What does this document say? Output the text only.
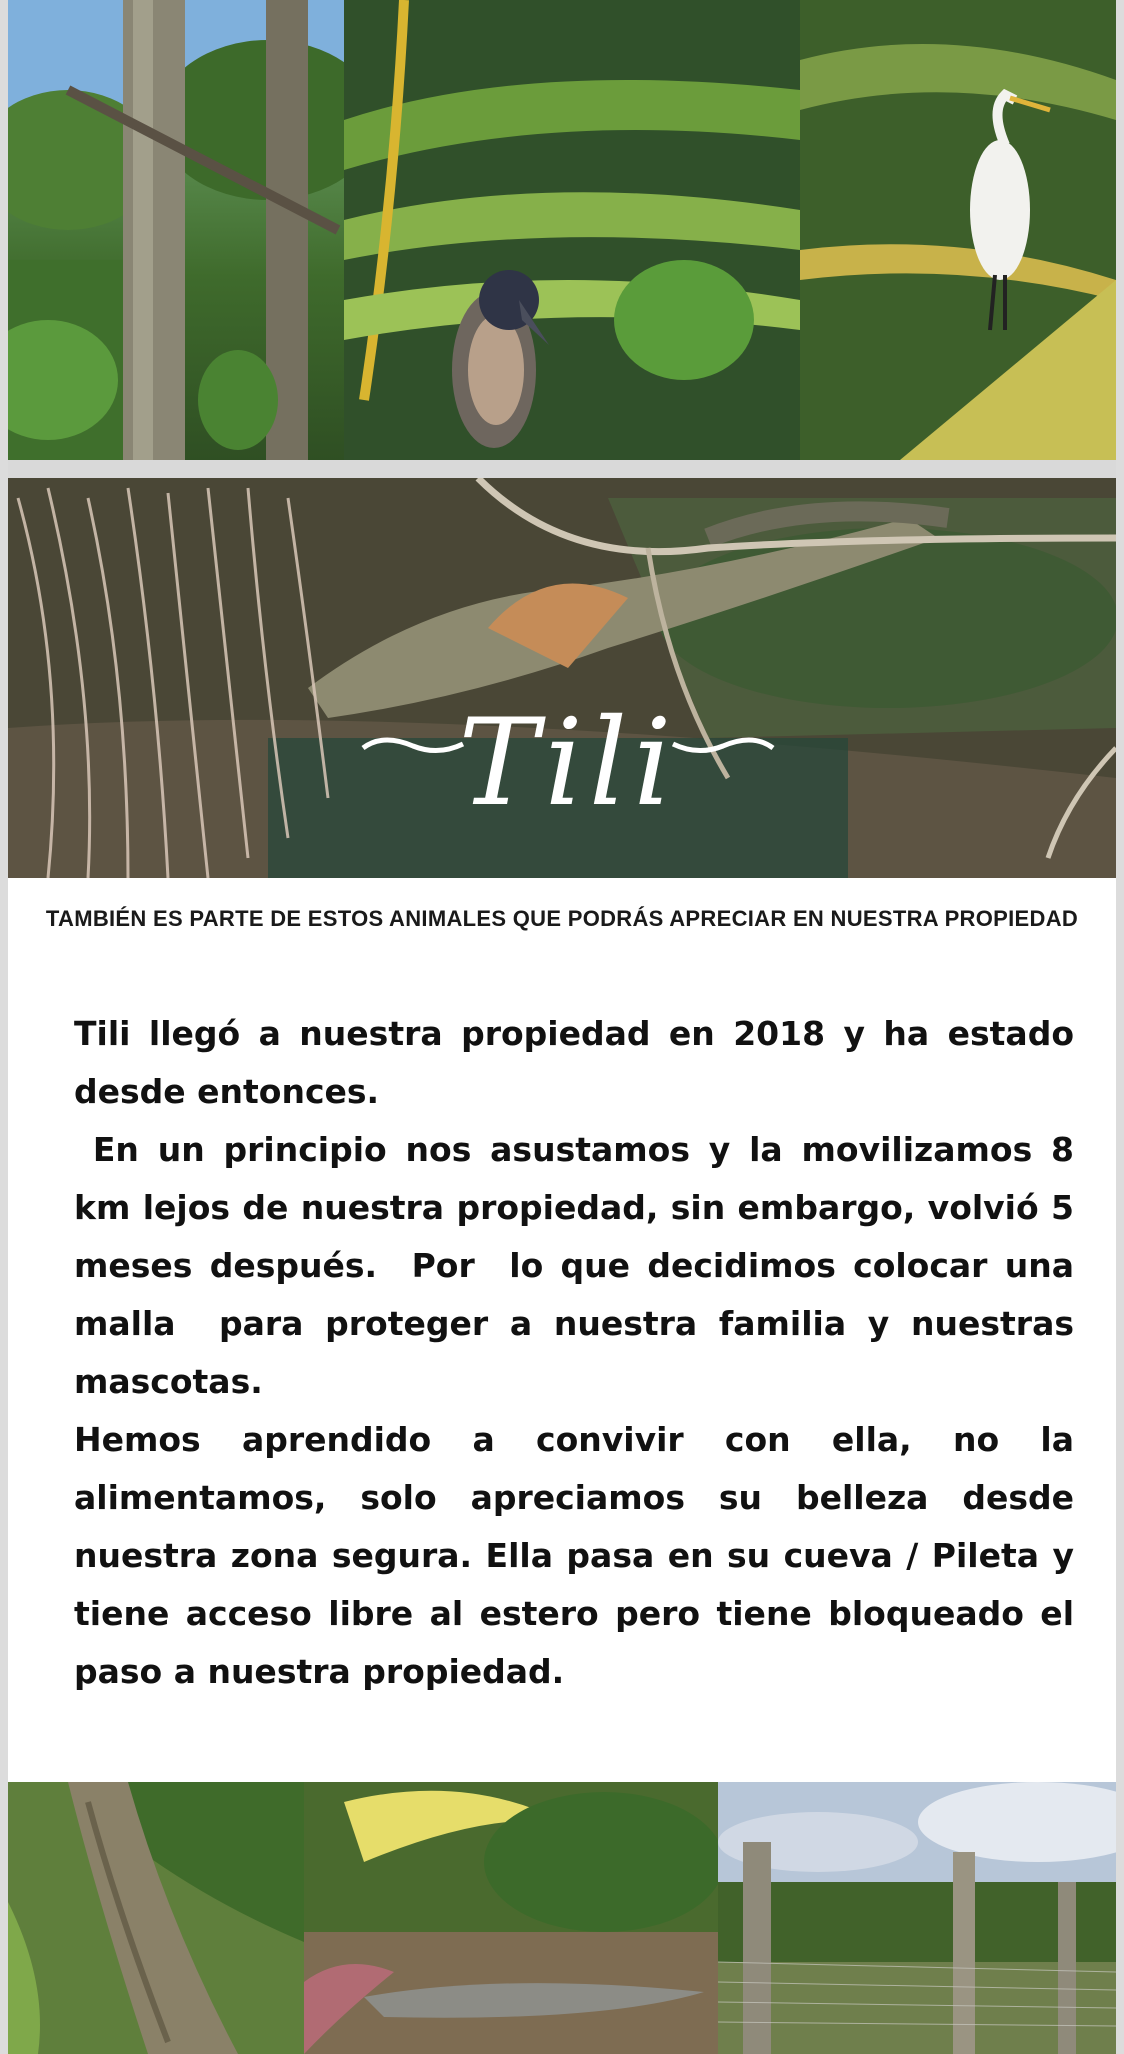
Tili
TAMBIÉN ES PARTE DE ESTOS ANIMALES QUE PODRÁS APRECIAR EN NUESTRA PROPIEDAD

Tili llegó a nuestra propiedad en 2018 y ha estado desde entonces.

En un principio nos asustamos y la movilizamos 8 km lejos de nuestra propiedad, sin embargo, volvió 5 meses después.  Por  lo que decidimos colocar una malla  para proteger a nuestra familia y nuestras mascotas.

Hemos aprendido a convivir con ella, no la alimentamos, solo apreciamos su belleza desde nuestra zona segura. Ella pasa en su cueva / Pileta y tiene acceso libre al estero pero tiene bloqueado el paso a nuestra propiedad.
